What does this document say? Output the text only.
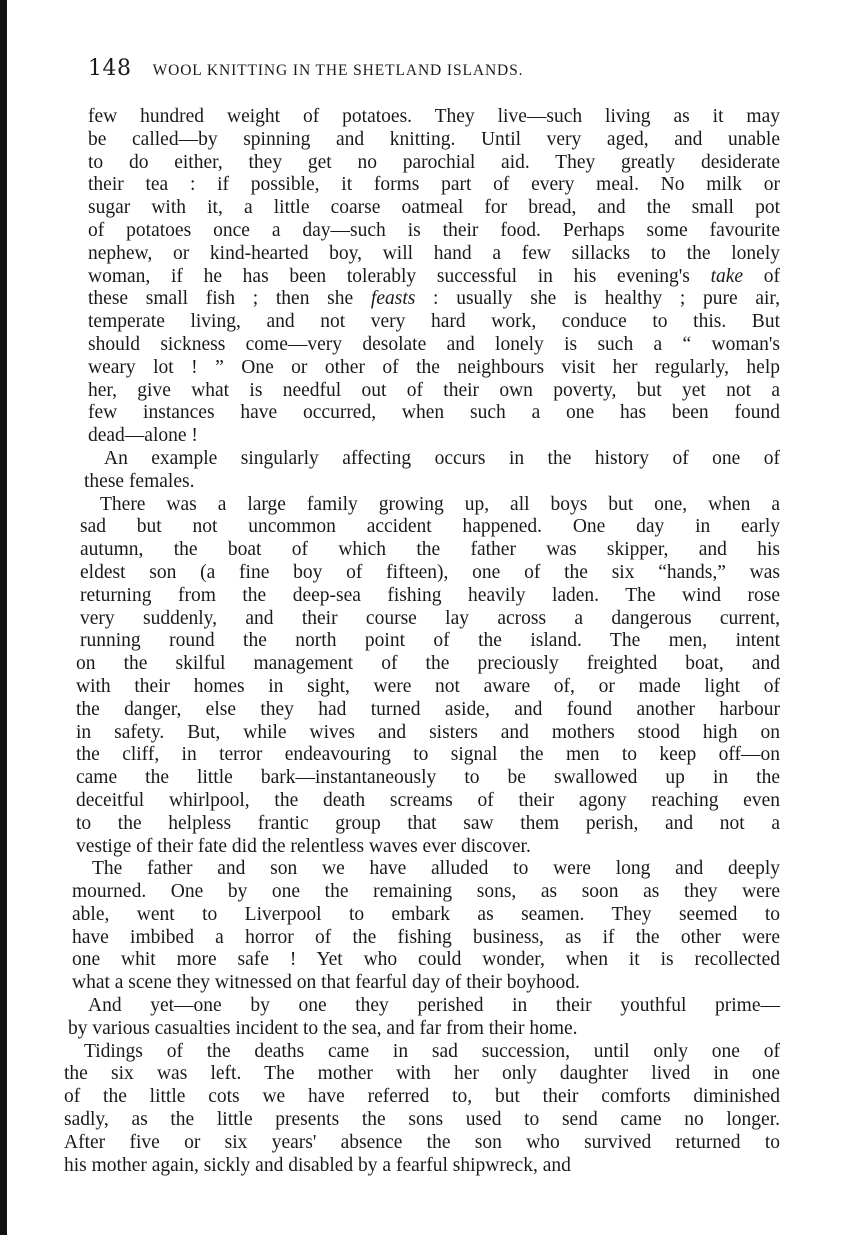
148 WOOL KNITTING IN THE SHETLAND ISLANDS.
few hundred weight of potatoes. They live—such living as it may
be called—by spinning and knitting. Until very aged, and unable
to do either, they get no parochial aid. They greatly desiderate
their tea : if possible, it forms part of every meal. No milk or
sugar with it, a little coarse oatmeal for bread, and the small pot
of potatoes once a day—such is their food. Perhaps some favourite
nephew, or kind-hearted boy, will hand a few sillacks to the lonely
woman, if he has been tolerably successful in his evening's take of
these small fish ; then she feasts : usually she is healthy ; pure air,
temperate living, and not very hard work, conduce to this. But
should sickness come—very desolate and lonely is such a “ woman's
weary lot ! ” One or other of the neighbours visit her regularly, help
her, give what is needful out of their own poverty, but yet not a
few instances have occurred, when such a one has been found
dead—alone !
An example singularly affecting occurs in the history of one of
these females.
There was a large family growing up, all boys but one, when a
sad but not uncommon accident happened. One day in early
autumn, the boat of which the father was skipper, and his
eldest son (a fine boy of fifteen), one of the six “hands,” was
returning from the deep-sea fishing heavily laden. The wind rose
very suddenly, and their course lay across a dangerous current,
running round the north point of the island. The men, intent
on the skilful management of the preciously freighted boat, and
with their homes in sight, were not aware of, or made light of
the danger, else they had turned aside, and found another harbour
in safety. But, while wives and sisters and mothers stood high on
the cliff, in terror endeavouring to signal the men to keep off—on
came the little bark—instantaneously to be swallowed up in the
deceitful whirlpool, the death screams of their agony reaching even
to the helpless frantic group that saw them perish, and not a
vestige of their fate did the relentless waves ever discover.
The father and son we have alluded to were long and deeply
mourned. One by one the remaining sons, as soon as they were
able, went to Liverpool to embark as seamen. They seemed to
have imbibed a horror of the fishing business, as if the other were
one whit more safe ! Yet who could wonder, when it is recollected
what a scene they witnessed on that fearful day of their boyhood.
And yet—one by one they perished in their youthful prime—
by various casualties incident to the sea, and far from their home.
Tidings of the deaths came in sad succession, until only one of
the six was left. The mother with her only daughter lived in one
of the little cots we have referred to, but their comforts diminished
sadly, as the little presents the sons used to send came no longer.
After five or six years' absence the son who survived returned to
his mother again, sickly and disabled by a fearful shipwreck, and
